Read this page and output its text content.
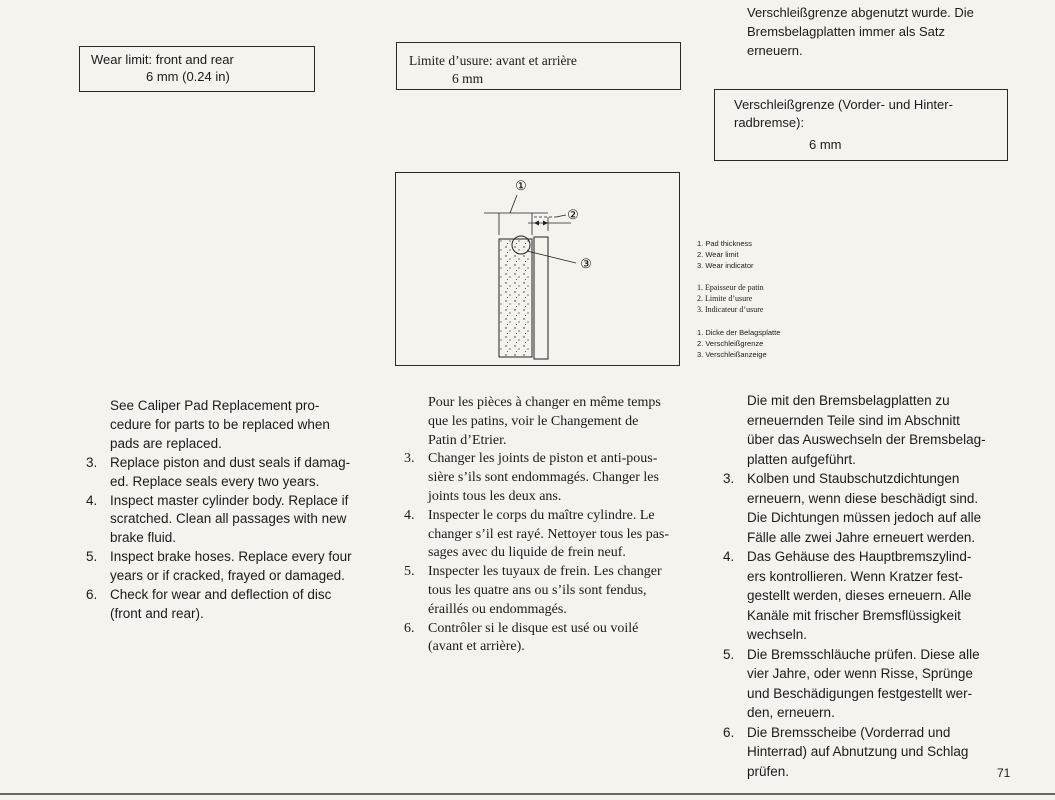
Wear limit: front and rear
6 mm (0.24 in)
Limite d’usure: avant et arrière
6 mm
Verschleißgrenze (Vorder- und Hinter-
radbremse):
6 mm
Verschleißgrenze abgenutzt wurde. Die
Bremsbelagplatten immer als Satz
erneuern.
①
②
③
1. Pad thickness
2. Wear limit
3. Wear indicator
1. Epaisseur de patin
2. Limite d’usure
3. Indicateur d’usure
1. Dicke der Belagsplatte
2. Verschleißgrenze
3. Verschleißanzeige
See Caliper Pad Replacement pro-
cedure for parts to be replaced when
pads are replaced.
3. Replace piston and dust seals if damag-
ed. Replace seals every two years.
4. Inspect master cylinder body. Replace if
scratched. Clean all passages with new
brake fluid.
5. Inspect brake hoses. Replace every four
years or if cracked, frayed or damaged.
6. Check for wear and deflection of disc
(front and rear).
Pour les pièces à changer en même temps
que les patins, voir le Changement de
Patin d’Etrier.
3. Changer les joints de piston et anti-pous-
sière s’ils sont endommagés. Changer les
joints tous les deux ans.
4. Inspecter le corps du maître cylindre. Le
changer s’il est rayé. Nettoyer tous les pas-
sages avec du liquide de frein neuf.
5. Inspecter les tuyaux de frein. Les changer
tous les quatre ans ou s’ils sont fendus,
éraillés ou endommagés.
6. Contrôler si le disque est usé ou voilé
(avant et arrière).
Die mit den Bremsbelagplatten zu
erneuernden Teile sind im Abschnitt
über das Auswechseln der Bremsbelag-
platten aufgeführt.
3. Kolben und Staubschutzdichtungen
erneuern, wenn diese beschädigt sind.
Die Dichtungen müssen jedoch auf alle
Fälle alle zwei Jahre erneuert werden.
4. Das Gehäuse des Hauptbremszylind-
ers kontrollieren. Wenn Kratzer fest-
gestellt werden, dieses erneuern. Alle
Kanäle mit frischer Bremsflüssigkeit
wechseln.
5. Die Bremsschläuche prüfen. Diese alle
vier Jahre, oder wenn Risse, Sprünge
und Beschädigungen festgestellt wer-
den, erneuern.
6. Die Bremsscheibe (Vorderrad und
Hinterrad) auf Abnutzung und Schlag
prüfen.	71
